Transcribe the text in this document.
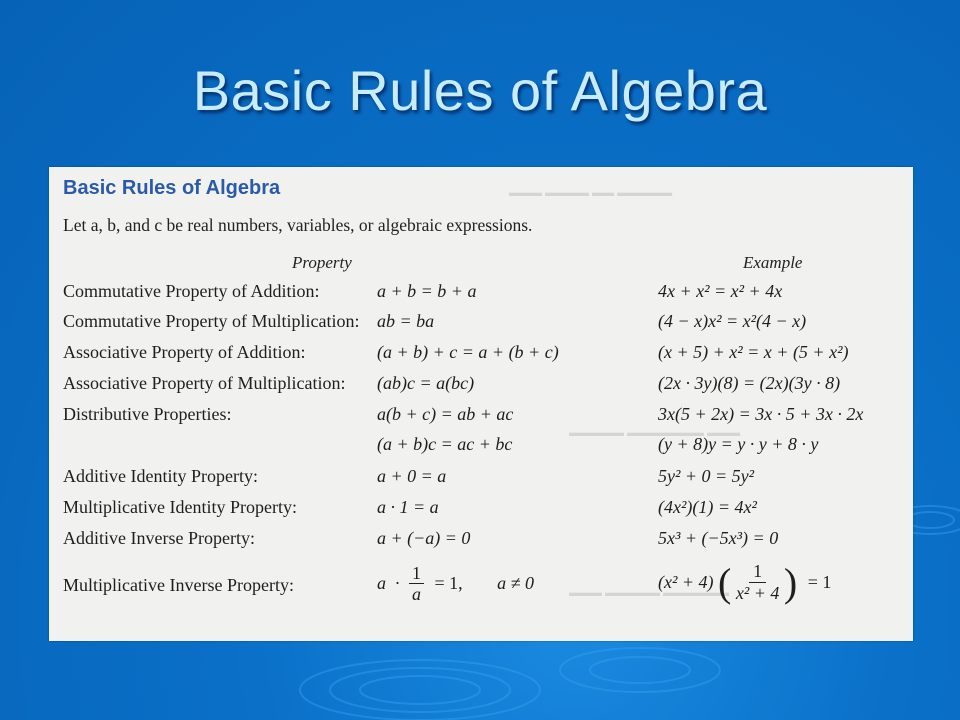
Basic Rules of Algebra
▬▬▬ ▬▬▬▬ ▬▬ ▬▬▬▬▬
▬▬▬▬▬ ▬▬▬▬▬▬▬ ▬▬▬
▬▬▬ ▬▬▬▬▬ ▬▬▬▬▬▬
Basic Rules of Algebra
Let a, b, and c be real numbers, variables, or algebraic expressions.
Property	Example
Commutative Property of Addition:	a + b = b + a	4x + x² = x² + 4x
Commutative Property of Multiplication: ab = ba	(4 − x)x² = x²(4 − x)
Associative Property of Addition:	(a + b) + c = a + (b + c)	(x + 5) + x² = x + (5 + x²)
Associative Property of Multiplication: (ab)c = a(bc)	(2x · 3y)(8) = (2x)(3y · 8)
Distributive Properties:	a(b + c) = ab + ac	3x(5 + 2x) = 3x · 5 + 3x · 2x
(a + b)c = ac + bc	(y + 8)y = y · y + 8 · y
Additive Identity Property:	a + 0 = a	5y² + 0 = 5y²
Multiplicative Identity Property:	a · 1 = a	(4x²)(1) = 4x²
Additive Inverse Property:	a + (−a) = 0	5x³ + (−5x³) = 0
Multiplicative Inverse Property:	$a \cdot \frac{1}{a} = 1$, a ≠ 0	(x² + 4) ( $\frac{1}{\text{x² + 4}}$ ) = 1
